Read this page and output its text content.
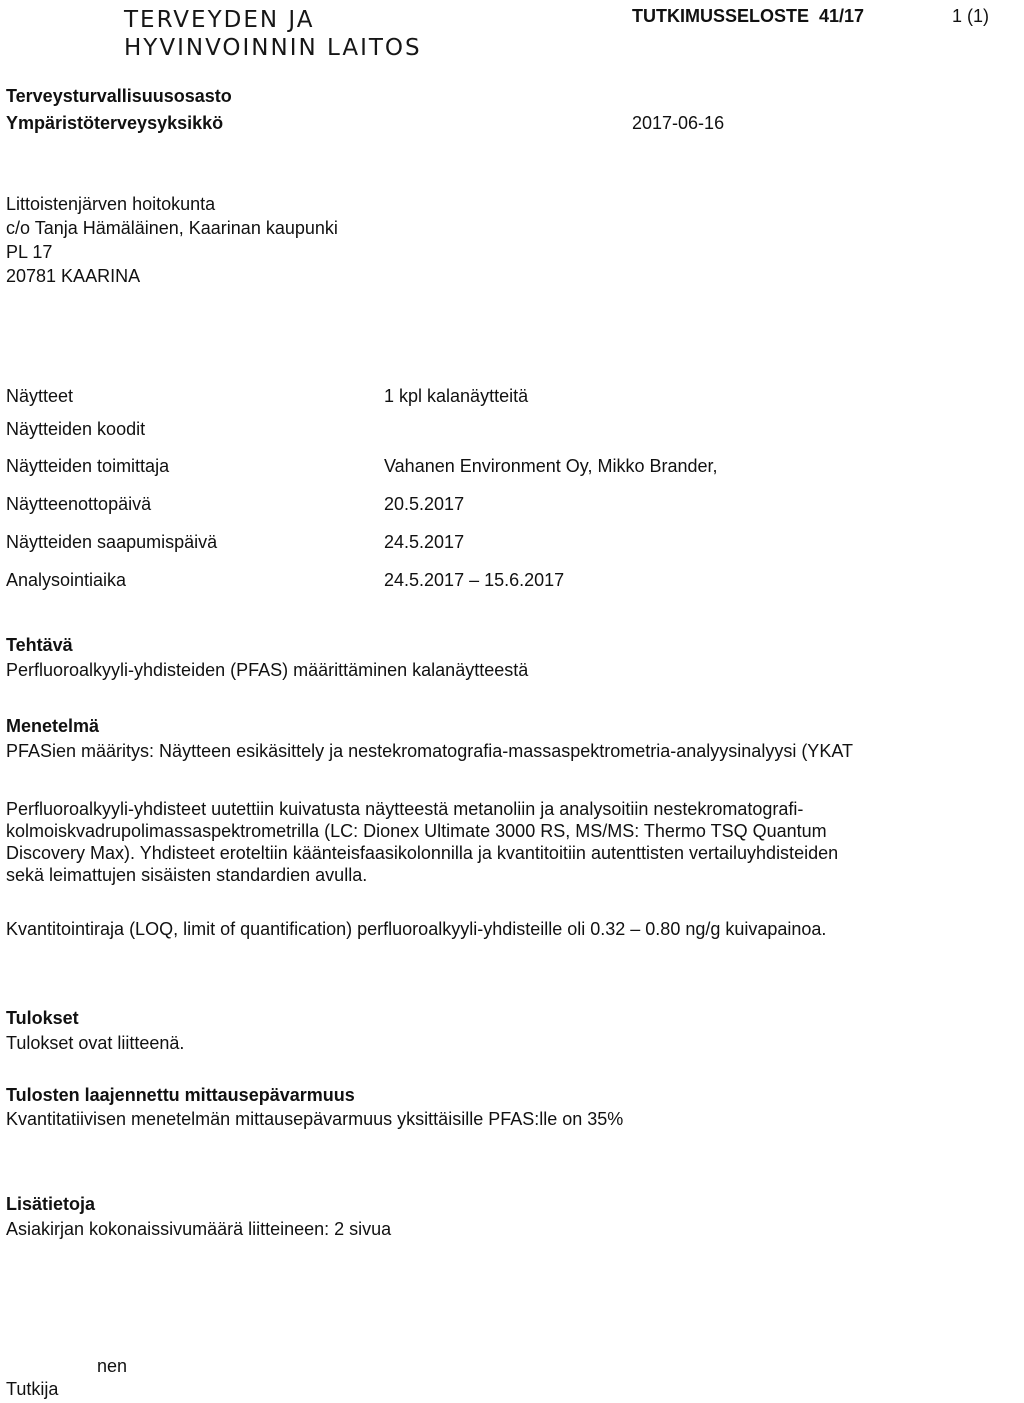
TERVEYDEN JA
HYVINVOINNIN LAITOS
TUTKIMUSSELOSTE  41/17	1 (1)
Terveysturvallisuusosasto
Ympäristöterveysyksikkö	2017-06-16
Littoistenjärven hoitokunta
c/o Tanja Hämäläinen, Kaarinan kaupunki
PL 17
20781 KAARINA
Näytteet	1 kpl kalanäytteitä
Näytteiden koodit
Näytteiden toimittaja	Vahanen Environment Oy, Mikko Brander,
Näytteenottopäivä	20.5.2017
Näytteiden saapumispäivä	24.5.2017
Analysointiaika	24.5.2017 – 15.6.2017
Tehtävä
Perfluoroalkyyli-yhdisteiden (PFAS) määrittäminen kalanäytteestä
Menetelmä
PFASien määritys: Näytteen esikäsittely ja nestekromatografia-massaspektrometria-analyysinalyysi (YKAT
Perfluoroalkyyli-yhdisteet uutettiin kuivatusta näytteestä metanoliin ja analysoitiin nestekromatografi-
kolmoiskvadrupolimassaspektrometrilla (LC: Dionex Ultimate 3000 RS, MS/MS: Thermo TSQ Quantum
Discovery Max). Yhdisteet eroteltiin käänteisfaasikolonnilla ja kvantitoitiin autenttisten vertailuyhdisteiden
sekä leimattujen sisäisten standardien avulla.
Kvantitointiraja (LOQ, limit of quantification) perfluoroalkyyli-yhdisteille oli 0.32 – 0.80 ng/g kuivapainoa.
Tulokset
Tulokset ovat liitteenä.
Tulosten laajennettu mittausepävarmuus
Kvantitatiivisen menetelmän mittausepävarmuus yksittäisille PFAS:lle on 35%
Lisätietoja
Asiakirjan kokonaissivumäärä liitteineen: 2 sivua
nen
Tutkija
